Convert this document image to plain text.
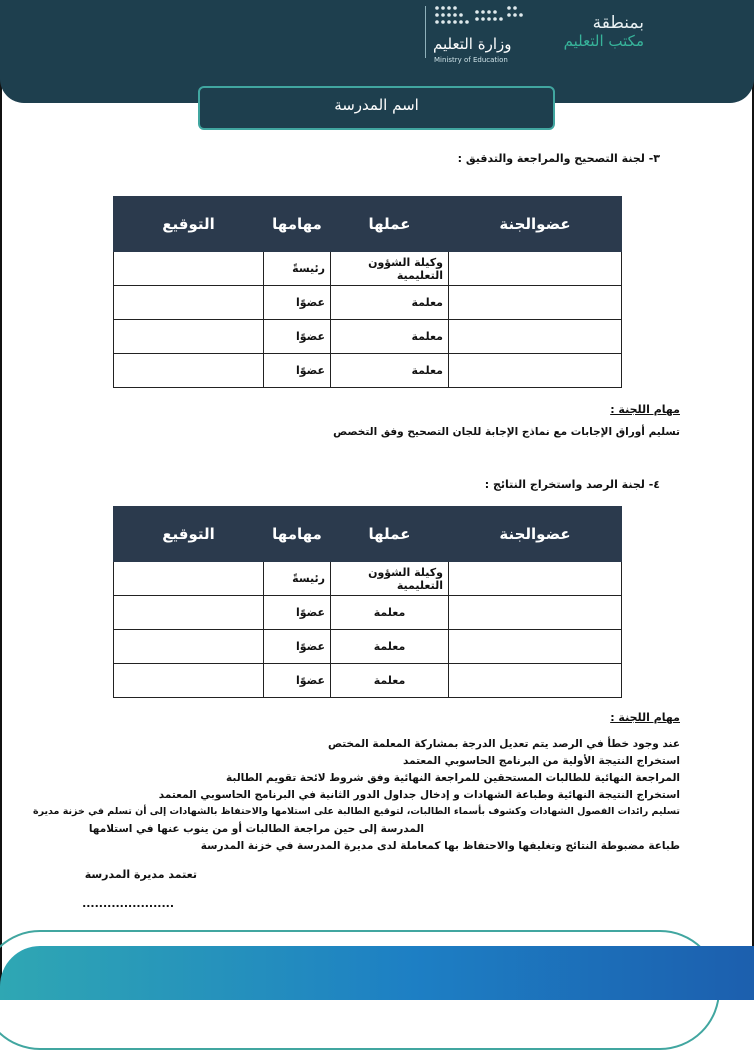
بمنطقة
مكتب التعليم
وزارة التعليم
Ministry of Education
اسم المدرسة
٣- لجنة التصحيح والمراجعة والتدقيق :
التوقيع	مهامها	عملها	عضوالجنة
	رئيسةً	وكيلة الشؤون التعليمية	
	عضوًا	معلمة	
	عضوًا	معلمة	
	عضوًا	معلمة	
مهام اللجنة :
تسليم أوراق الإجابات مع نماذج الإجابة للجان التصحيح وفق التخصص
٤- لجنة الرصد واستخراج النتائج :
التوقيع	مهامها	عملها	عضوالجنة
	رئيسةً	وكيلة الشؤون التعليمية	
	عضوًا	معلمة	
	عضوًا	معلمة	
	عضوًا	معلمة	
مهام اللجنة :
عند وجود خطأ في الرصد يتم تعديل الدرجة بمشاركة المعلمة المختص
استخراج النتيجة الأولية من البرنامج الحاسوبي المعتمد
المراجعة النهائية للطالبات المستحقين للمراجعة النهائية وفق شروط لائحة تقويم الطالبة
استخراج النتيجة النهائية وطباعة الشهادات و إدخال جداول الدور الثانية في البرنامج الحاسوبي المعتمد
تسليم رائدات الفصول الشهادات وكشوف بأسماء الطالبات، لتوقيع الطالبة على استلامها والاحتفاظ بالشهادات إلى أن تسلم في خزنة مديرة
المدرسة إلى حين مراجعة الطالبات أو من ينوب عنها في استلامها
طباعة مضبوطة النتائج وتغليفها والاحتفاظ بها كمعاملة لدى مديرة المدرسة في خزنة المدرسة
تعتمد مديرة المدرسة
......................
